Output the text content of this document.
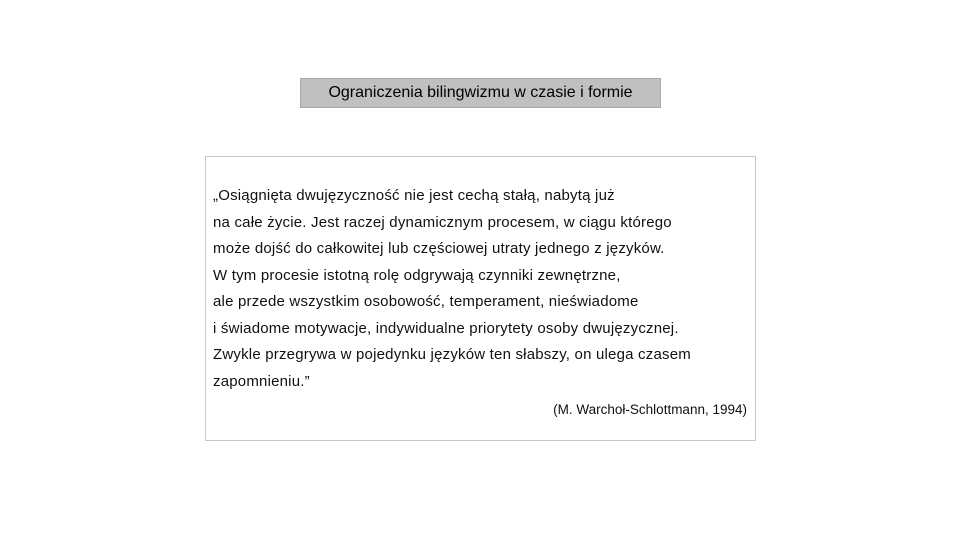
Ograniczenia bilingwizmu w czasie i formie
„Osiągnięta dwujęzyczność nie jest cechą stałą, nabytą już
na całe życie. Jest raczej dynamicznym procesem, w ciągu którego
może dojść do całkowitej lub częściowej utraty jednego z języków.
W tym procesie istotną rolę odgrywają czynniki zewnętrzne,
ale przede wszystkim osobowość, temperament, nieświadome
i świadome motywacje, indywidualne priorytety osoby dwujęzycznej.
Zwykle przegrywa w pojedynku języków ten słabszy, on ulega czasem
zapomnieniu.”
(M. Warchoł-Schlottmann, 1994)
